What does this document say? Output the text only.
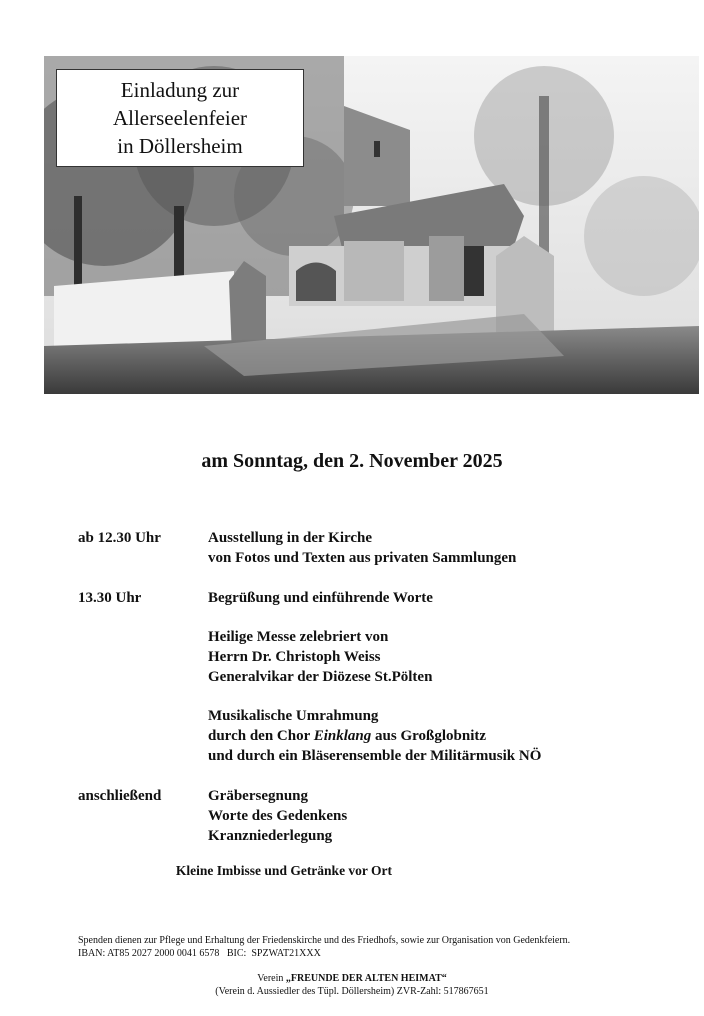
Einladung zur
Allerseelenfeier
in Döllersheim
am Sonntag, den 2. November 2025
ab 12.30 Uhr	Ausstellung in der Kirche
von Fotos und Texten aus privaten Sammlungen
13.30 Uhr	Begrüßung und einführende Worte
Heilige Messe zelebriert von
Herrn Dr. Christoph Weiss
Generalvikar der Diözese St.Pölten
Musikalische Umrahmung
durch den Chor Einklang aus Großglobnitz
und durch ein Bläserensemble der Militärmusik NÖ
anschließend	Gräbersegnung
Worte des Gedenkens
Kranzniederlegung
Kleine Imbisse und Getränke vor Ort
Spenden dienen zur Pflege und Erhaltung der Friedenskirche und des Friedhofs, sowie zur Organisation von Gedenkfeiern.
IBAN: AT85 2027 2000 0041 6578   BIC:  SPZWAT21XXX
Verein „FREUNDE DER ALTEN HEIMAT“
(Verein d. Aussiedler des Tüpl. Döllersheim) ZVR-Zahl: 517867651
